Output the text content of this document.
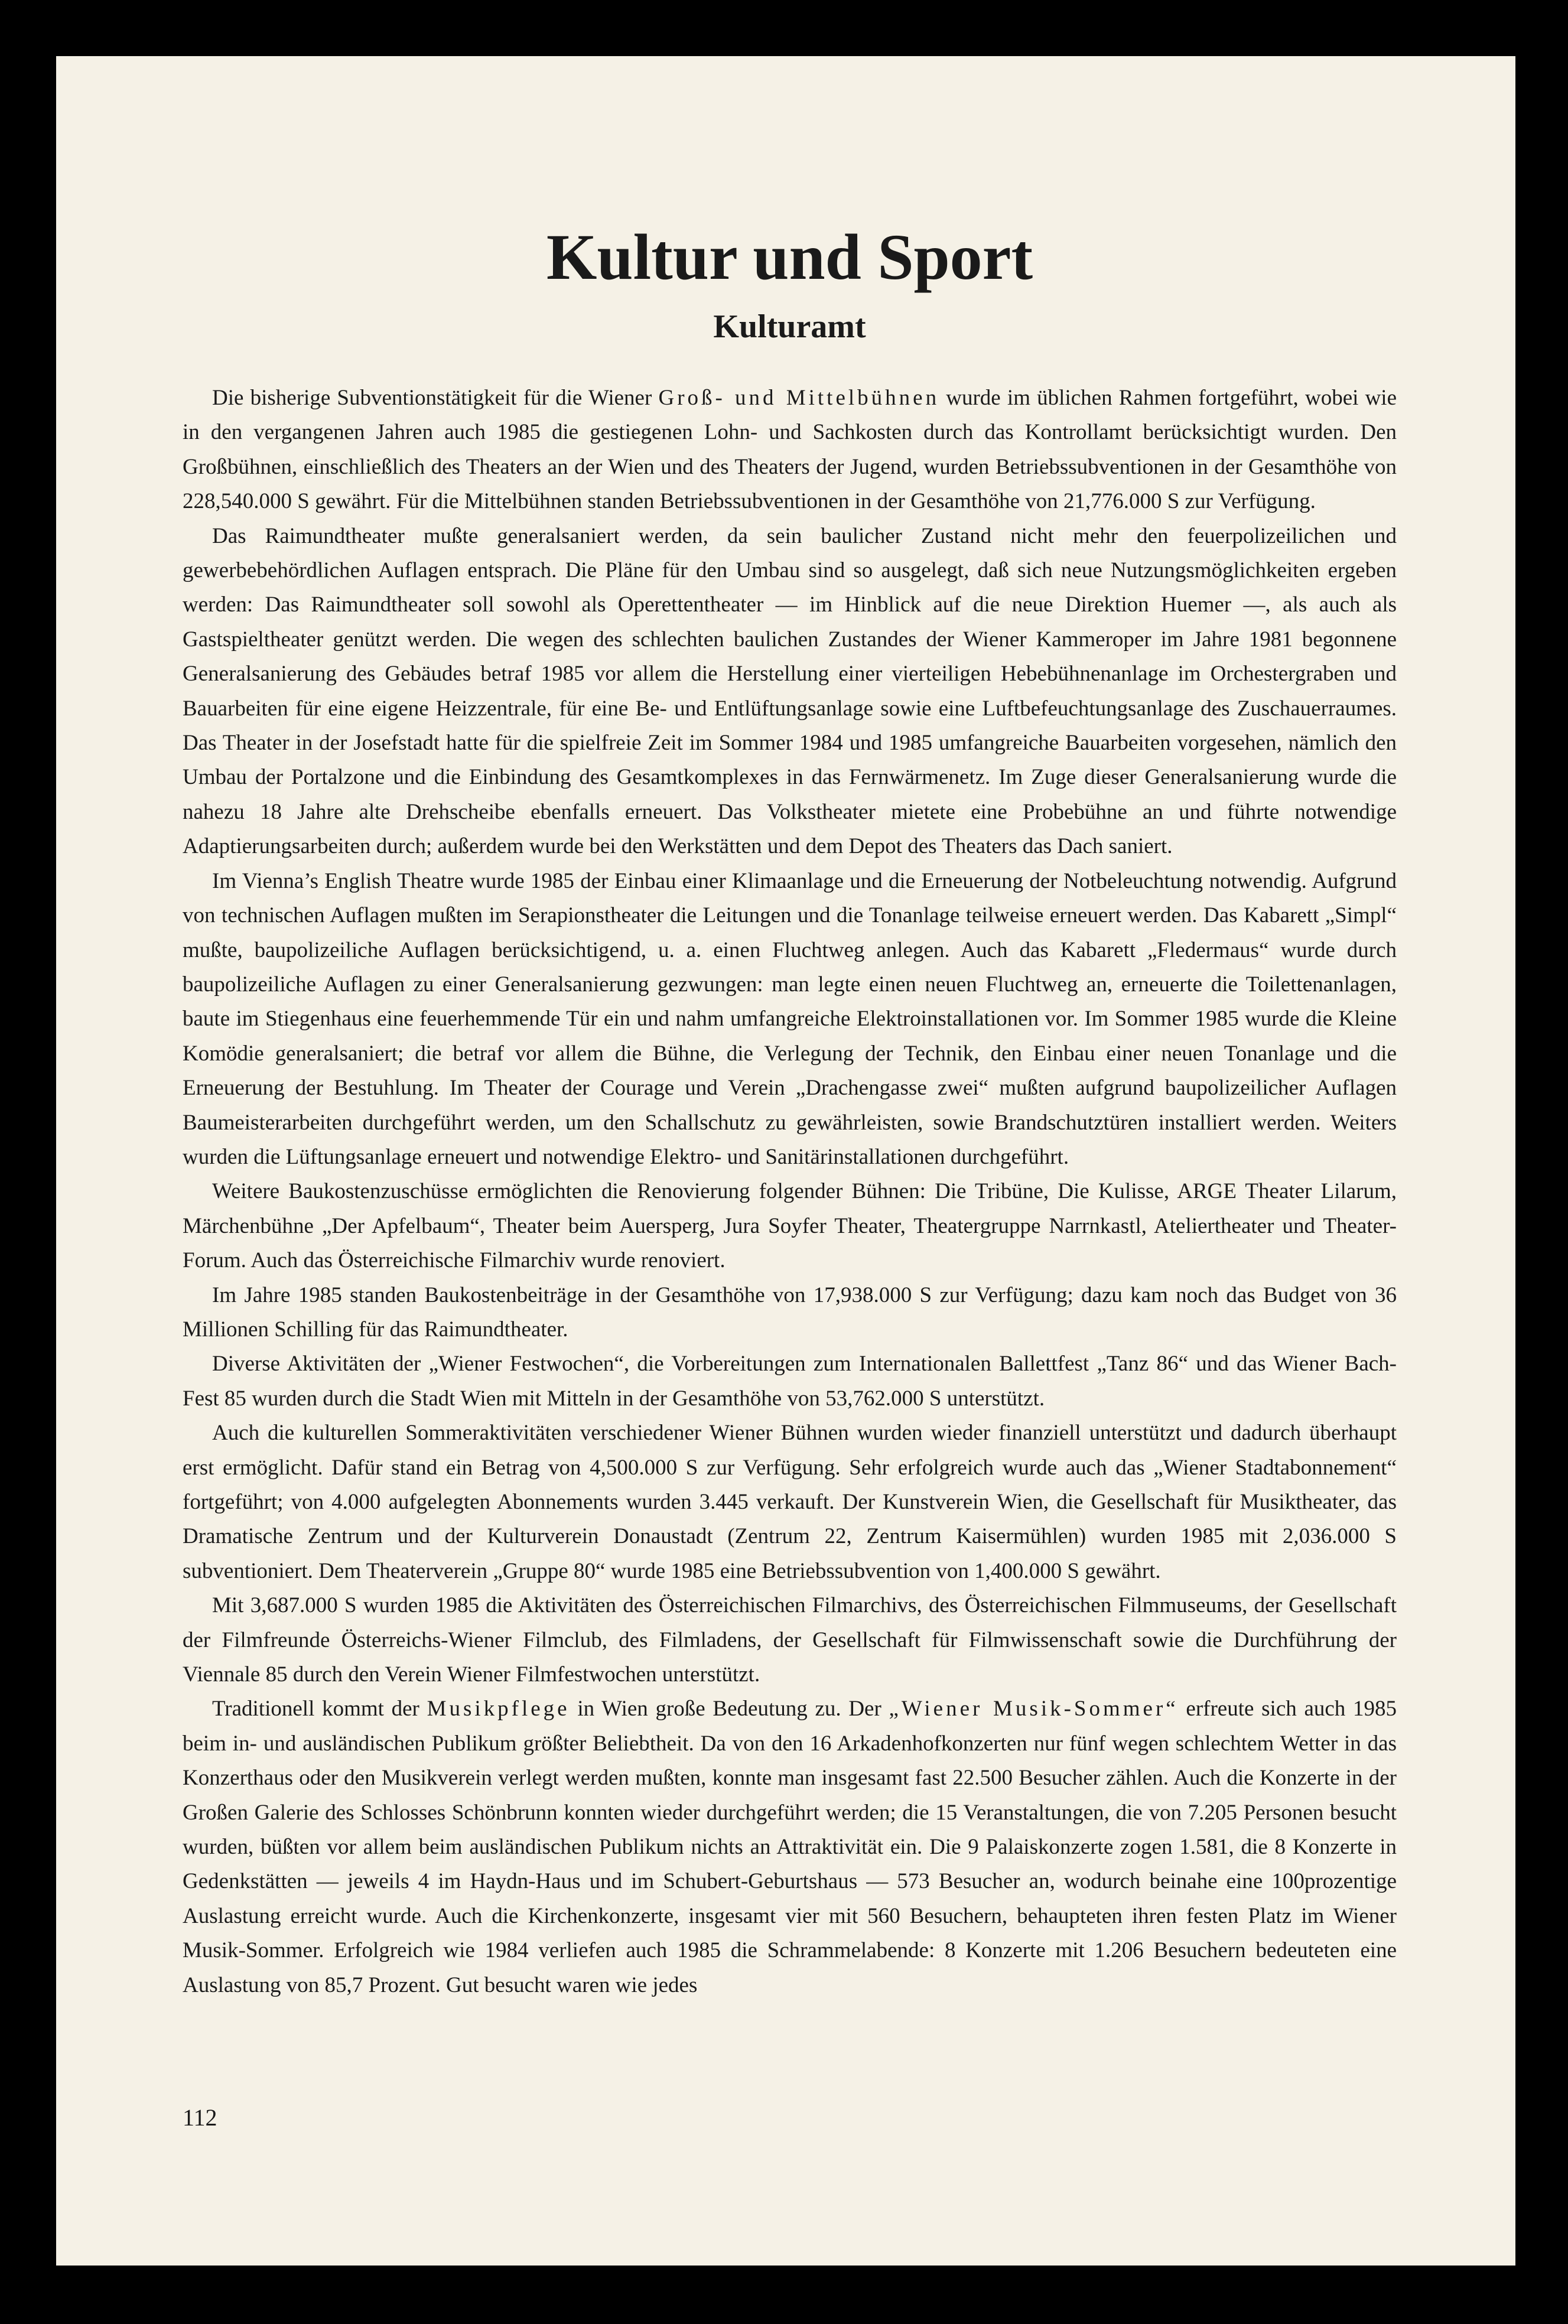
Kultur und Sport
Kulturamt

Die bisherige Subventionstätigkeit für die Wiener Groß- und Mittelbühnen wurde im üblichen Rahmen fortgeführt, wobei wie in den vergangenen Jahren auch 1985 die gestiegenen Lohn- und Sachkosten durch das Kontrollamt berücksichtigt wurden. Den Großbühnen, einschließlich des Theaters an der Wien und des Theaters der Jugend, wurden Betriebssubventionen in der Gesamthöhe von 228,540.000 S gewährt. Für die Mittelbühnen standen Betriebssubventionen in der Gesamthöhe von 21,776.000 S zur Verfügung.

Das Raimundtheater mußte generalsaniert werden, da sein baulicher Zustand nicht mehr den feuerpolizeilichen und gewerbebehördlichen Auflagen entsprach. Die Pläne für den Umbau sind so ausgelegt, daß sich neue Nutzungsmöglichkeiten ergeben werden: Das Raimundtheater soll sowohl als Operettentheater — im Hinblick auf die neue Direktion Huemer —, als auch als Gastspieltheater genützt werden. Die wegen des schlechten baulichen Zustandes der Wiener Kammeroper im Jahre 1981 begonnene Generalsanierung des Gebäudes betraf 1985 vor allem die Herstellung einer vierteiligen Hebebühnenanlage im Orchestergraben und Bauarbeiten für eine eigene Heizzentrale, für eine Be- und Entlüftungsanlage sowie eine Luftbefeuchtungsanlage des Zuschauerraumes. Das Theater in der Josefstadt hatte für die spielfreie Zeit im Sommer 1984 und 1985 umfangreiche Bauarbeiten vorgesehen, nämlich den Umbau der Portalzone und die Einbindung des Gesamtkomplexes in das Fernwärmenetz. Im Zuge dieser Generalsanierung wurde die nahezu 18 Jahre alte Drehscheibe ebenfalls erneuert. Das Volkstheater mietete eine Probebühne an und führte notwendige Adaptierungsarbeiten durch; außerdem wurde bei den Werkstätten und dem Depot des Theaters das Dach saniert.

Im Vienna’s English Theatre wurde 1985 der Einbau einer Klimaanlage und die Erneuerung der Notbeleuchtung notwendig. Aufgrund von technischen Auflagen mußten im Serapionstheater die Leitungen und die Tonanlage teilweise erneuert werden. Das Kabarett „Simpl“ mußte, baupolizeiliche Auflagen berücksichtigend, u. a. einen Fluchtweg anlegen. Auch das Kabarett „Fledermaus“ wurde durch baupolizeiliche Auflagen zu einer Generalsanierung gezwungen: man legte einen neuen Fluchtweg an, erneuerte die Toilettenanlagen, baute im Stiegenhaus eine feuerhemmende Tür ein und nahm umfangreiche Elektroinstallationen vor. Im Sommer 1985 wurde die Kleine Komödie generalsaniert; die betraf vor allem die Bühne, die Verlegung der Technik, den Einbau einer neuen Tonanlage und die Erneuerung der Bestuhlung. Im Theater der Courage und Verein „Drachengasse zwei“ mußten aufgrund baupolizeilicher Auflagen Baumeisterarbeiten durchgeführt werden, um den Schallschutz zu gewährleisten, sowie Brandschutztüren installiert werden. Weiters wurden die Lüftungsanlage erneuert und notwendige Elektro- und Sanitärinstallationen durchgeführt.

Weitere Baukostenzuschüsse ermöglichten die Renovierung folgender Bühnen: Die Tribüne, Die Kulisse, ARGE Theater Lilarum, Märchenbühne „Der Apfelbaum“, Theater beim Auersperg, Jura Soyfer Theater, Theatergruppe Narrnkastl, Ateliertheater und Theater-Forum. Auch das Österreichische Filmarchiv wurde renoviert.

Im Jahre 1985 standen Baukostenbeiträge in der Gesamthöhe von 17,938.000 S zur Verfügung; dazu kam noch das Budget von 36 Millionen Schilling für das Raimundtheater.

Diverse Aktivitäten der „Wiener Festwochen“, die Vorbereitungen zum Internationalen Ballettfest „Tanz 86“ und das Wiener Bach-Fest 85 wurden durch die Stadt Wien mit Mitteln in der Gesamthöhe von 53,762.000 S unterstützt.

Auch die kulturellen Sommeraktivitäten verschiedener Wiener Bühnen wurden wieder finanziell unterstützt und dadurch überhaupt erst ermöglicht. Dafür stand ein Betrag von 4,500.000 S zur Verfügung. Sehr erfolgreich wurde auch das „Wiener Stadtabonnement“ fortgeführt; von 4.000 aufgelegten Abonnements wurden 3.445 verkauft. Der Kunstverein Wien, die Gesellschaft für Musiktheater, das Dramatische Zentrum und der Kulturverein Donaustadt (Zentrum 22, Zentrum Kaisermühlen) wurden 1985 mit 2,036.000 S subventioniert. Dem Theaterverein „Gruppe 80“ wurde 1985 eine Betriebssubvention von 1,400.000 S gewährt.

Mit 3,687.000 S wurden 1985 die Aktivitäten des Österreichischen Filmarchivs, des Österreichischen Filmmuseums, der Gesellschaft der Filmfreunde Österreichs-Wiener Filmclub, des Filmladens, der Gesellschaft für Filmwissenschaft sowie die Durchführung der Viennale 85 durch den Verein Wiener Filmfestwochen unterstützt.

Traditionell kommt der Musikpflege in Wien große Bedeutung zu. Der „Wiener Musik-Sommer“ erfreute sich auch 1985 beim in- und ausländischen Publikum größter Beliebtheit. Da von den 16 Arkadenhofkonzerten nur fünf wegen schlechtem Wetter in das Konzerthaus oder den Musikverein verlegt werden mußten, konnte man insgesamt fast 22.500 Besucher zählen. Auch die Konzerte in der Großen Galerie des Schlosses Schönbrunn konnten wieder durchgeführt werden; die 15 Veranstaltungen, die von 7.205 Personen besucht wurden, büßten vor allem beim ausländischen Publikum nichts an Attraktivität ein. Die 9 Palaiskonzerte zogen 1.581, die 8 Konzerte in Gedenkstätten — jeweils 4 im Haydn-Haus und im Schubert-Geburtshaus — 573 Besucher an, wodurch beinahe eine 100prozentige Auslastung erreicht wurde. Auch die Kirchenkonzerte, insgesamt vier mit 560 Besuchern, behaupteten ihren festen Platz im Wiener Musik-Sommer. Erfolgreich wie 1984 verliefen auch 1985 die Schrammelabende: 8 Konzerte mit 1.206 Besuchern bedeuteten eine Auslastung von 85,7 Prozent. Gut besucht waren wie jedes

112
